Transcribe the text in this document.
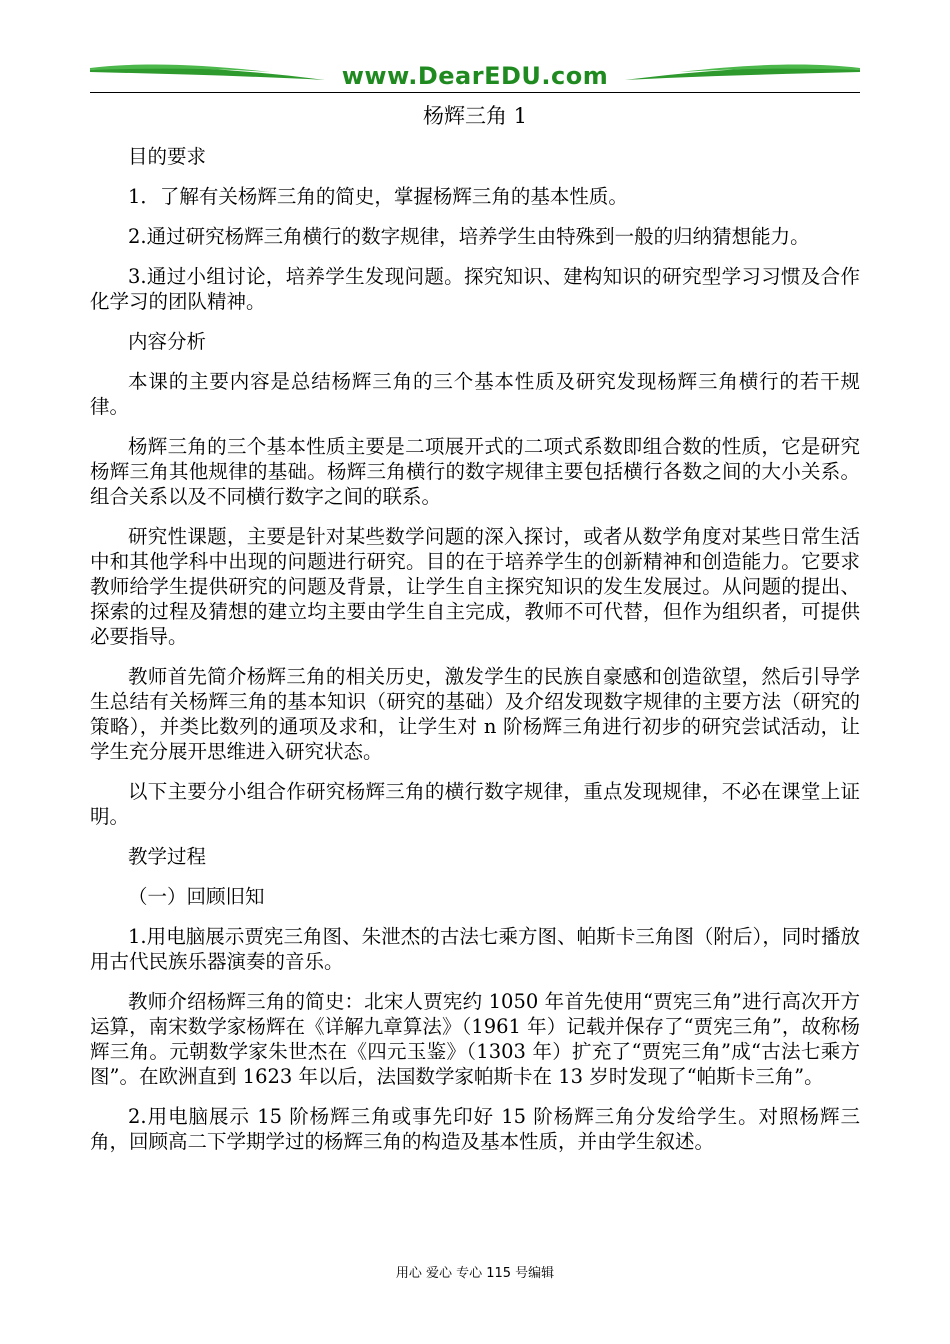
www.DearEDU.com
杨辉三角 1

目的要求

1．了解有关杨辉三角的简史，掌握杨辉三角的基本性质。

2.通过研究杨辉三角横行的数字规律，培养学生由特殊到一般的归纳猜想能力。

3.通过小组讨论，培养学生发现问题。探究知识、建构知识的研究型学习习惯及合作化学习的团队精神。

内容分析

本课的主要内容是总结杨辉三角的三个基本性质及研究发现杨辉三角横行的若干规律。

杨辉三角的三个基本性质主要是二项展开式的二项式系数即组合数的性质，它是研究杨辉三角其他规律的基础。杨辉三角横行的数字规律主要包括横行各数之间的大小关系。组合关系以及不同横行数字之间的联系。

研究性课题，主要是针对某些数学问题的深入探讨，或者从数学角度对某些日常生活中和其他学科中出现的问题进行研究。目的在于培养学生的创新精神和创造能力。它要求教师给学生提供研究的问题及背景，让学生自主探究知识的发生发展过。从问题的提出、探索的过程及猜想的建立均主要由学生自主完成，教师不可代替，但作为组织者，可提供必要指导。

教师首先简介杨辉三角的相关历史，激发学生的民族自豪感和创造欲望，然后引导学生总结有关杨辉三角的基本知识（研究的基础）及介绍发现数字规律的主要方法（研究的策略），并类比数列的通项及求和，让学生对 n 阶杨辉三角进行初步的研究尝试活动，让学生充分展开思维进入研究状态。

以下主要分小组合作研究杨辉三角的横行数字规律，重点发现规律，不必在课堂上证明。

教学过程

（一）回顾旧知

1.用电脑展示贾宪三角图、朱泄杰的古法七乘方图、帕斯卡三角图（附后），同时播放用古代民族乐器演奏的音乐。

教师介绍杨辉三角的简史：北宋人贾宪约 1050 年首先使用“贾宪三角”进行高次开方运算，南宋数学家杨辉在《详解九章算法》（1961 年）记载并保存了“贾宪三角”，故称杨辉三角。元朝数学家朱世杰在《四元玉鉴》（1303 年）扩充了“贾宪三角”成“古法七乘方图”。在欧洲直到 1623 年以后，法国数学家帕斯卡在 13 岁时发现了“帕斯卡三角”。

2.用电脑展示 15 阶杨辉三角或事先印好 15 阶杨辉三角分发给学生。对照杨辉三角，回顾高二下学期学过的杨辉三角的构造及基本性质，并由学生叙述。

用心 爱心 专心 115 号编辑
